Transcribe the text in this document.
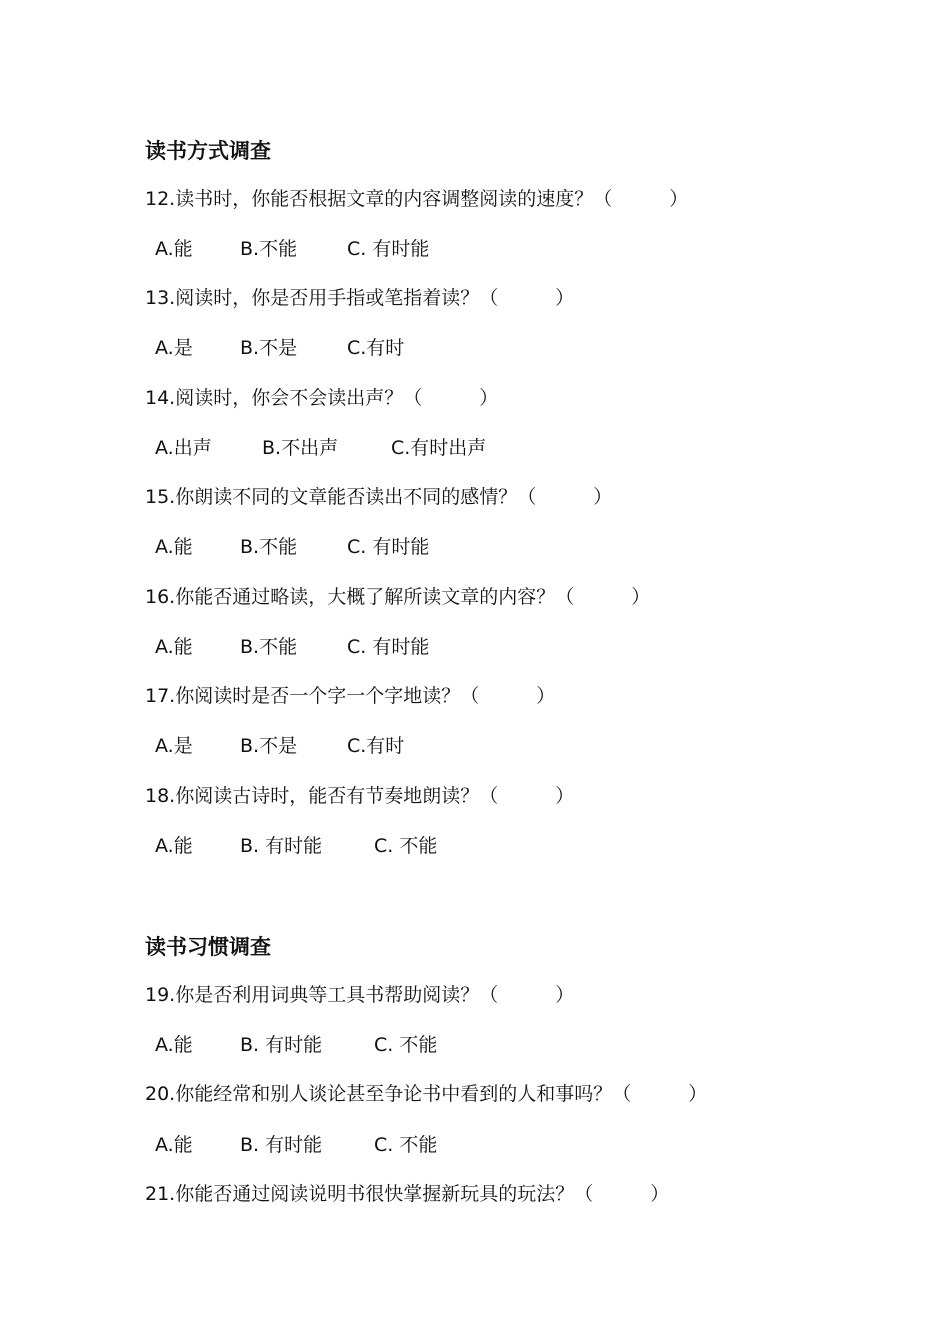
读书方式调查
12.读书时，你能否根据文章的内容调整阅读的速度？（　　　）
A.能 B.不能	C. 有时能
13.阅读时，你是否用手指或笔指着读？（　　　）
A.是 B.不是	C.有时
14.阅读时，你会不会读出声？（　　　）
A.出声	B.不出声	C.有时出声
15.你朗读不同的文章能否读出不同的感情？（　　　）
A.能 B.不能	C. 有时能
16.你能否通过略读，大概了解所读文章的内容？（　　　）
A.能 B.不能	C. 有时能
17.你阅读时是否一个字一个字地读？（　　　）
A.是 B.不是	C.有时
18.你阅读古诗时，能否有节奏地朗读？（　　　）
A.能 B. 有时能	C. 不能
读书习惯调查
19.你是否利用词典等工具书帮助阅读？（　　　）
A.能 B. 有时能	C. 不能
20.你能经常和别人谈论甚至争论书中看到的人和事吗？（　　　）
A.能 B. 有时能	C. 不能
21.你能否通过阅读说明书很快掌握新玩具的玩法？（　　　）
